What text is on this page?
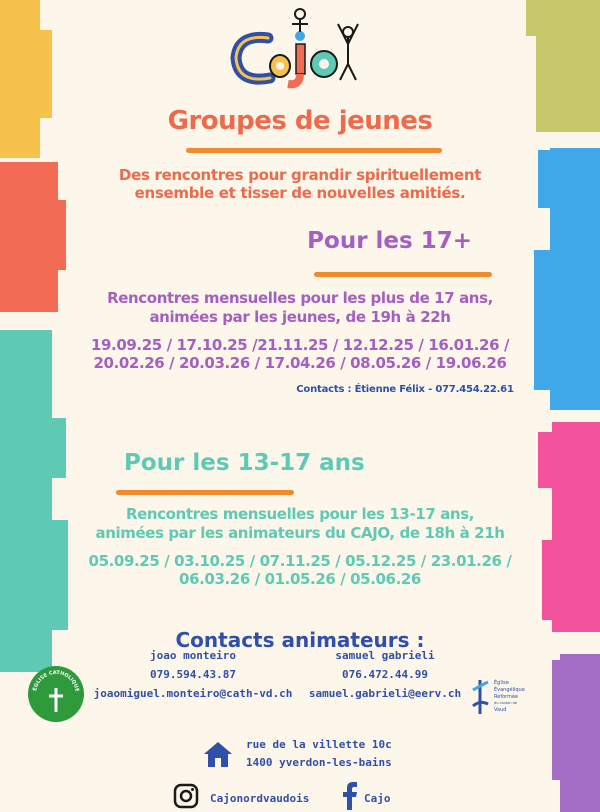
Groupes de jeunes
Des rencontres pour grandir spirituellement
ensemble et tisser de nouvelles amitiés.
Pour les 17+
Rencontres mensuelles pour les plus de 17 ans,
animées par les jeunes, de 19h à 22h
19.09.25 / 17.10.25 /21.11.25 / 12.12.25 / 16.01.26 /
20.02.26 / 20.03.26 / 17.04.26 / 08.05.26 / 19.06.26
Contacts : Étienne Félix - 077.454.22.61
Pour les 13-17 ans
Rencontres mensuelles pour les 13-17 ans,
animées par les animateurs du CAJO, de 18h à 21h
05.09.25 / 03.10.25 / 07.11.25 / 05.12.25 / 23.01.26 /
06.03.26 / 01.05.26 / 05.06.26
Contacts animateurs :
joao monteiro
079.594.43.87
joaomiguel.monteiro@cath-vd.ch
samuel gabrieli
076.472.44.99
samuel.gabrieli@eerv.ch
ÉGLISE CATHOLIQUE
Église
Évangélique
Réformée
du canton de
Vaud
rue de la villette 10c
1400 yverdon-les-bains
Cajonordvaudois	Cajo
